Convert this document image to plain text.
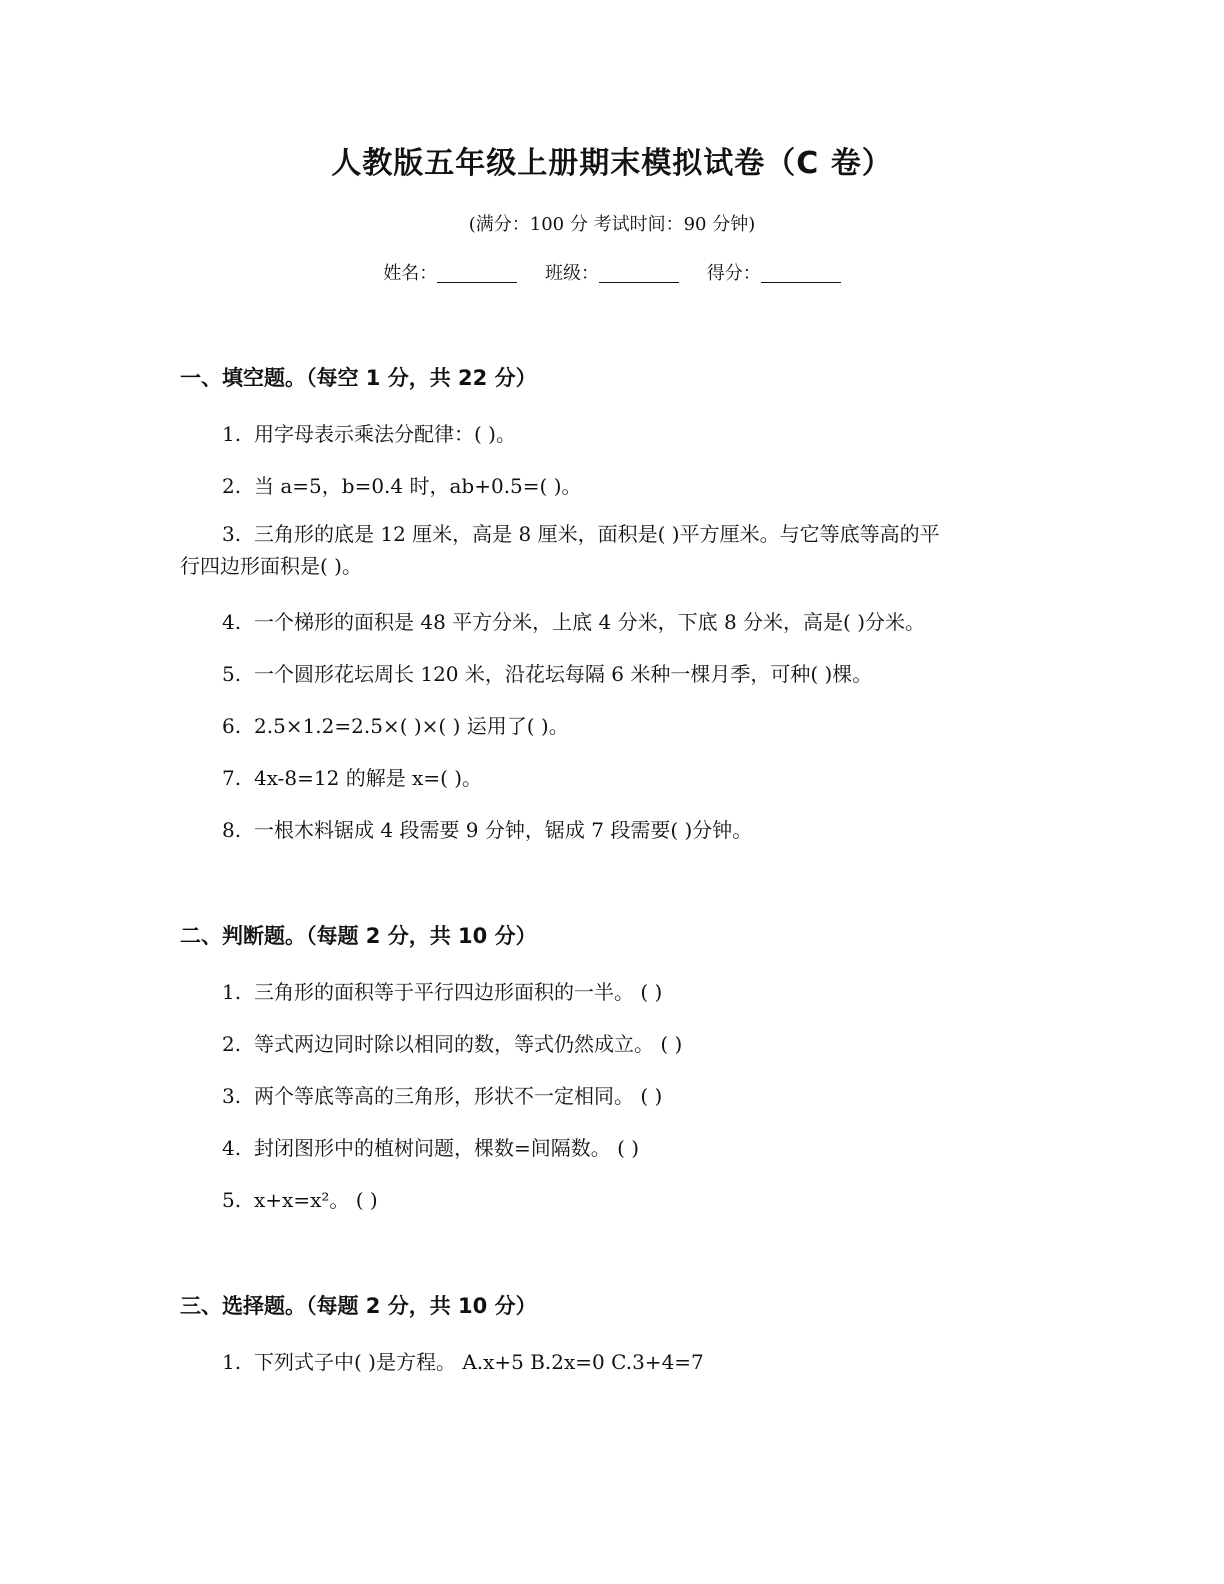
人教版五年级上册期末模拟试卷（C 卷）
(满分：100 分 考试时间：90 分钟)
姓名：	班级：	得分：
一、填空题。（每空 1 分，共 22 分）
1. 用字母表示乘法分配律：( )。
2. 当 a=5，b=0.4 时，ab+0.5=( )。
3. 三角形的底是 12 厘米，高是 8 厘米，面积是( )平方厘米。与它等底等高的平
行四边形面积是( )。
4. 一个梯形的面积是 48 平方分米，上底 4 分米，下底 8 分米，高是( )分米。
5. 一个圆形花坛周长 120 米，沿花坛每隔 6 米种一棵月季，可种( )棵。
6. 2.5×1.2=2.5×( )×( ) 运用了( )。
7. 4x-8=12 的解是 x=( )。
8. 一根木料锯成 4 段需要 9 分钟，锯成 7 段需要( )分钟。
二、判断题。（每题 2 分，共 10 分）
1. 三角形的面积等于平行四边形面积的一半。 ( )
2. 等式两边同时除以相同的数，等式仍然成立。 ( )
3. 两个等底等高的三角形，形状不一定相同。 ( )
4. 封闭图形中的植树问题，棵数=间隔数。 ( )
5. x+x=x²。 ( )
三、选择题。（每题 2 分，共 10 分）
1. 下列式子中( )是方程。 A.x+5 B.2x=0 C.3+4=7
